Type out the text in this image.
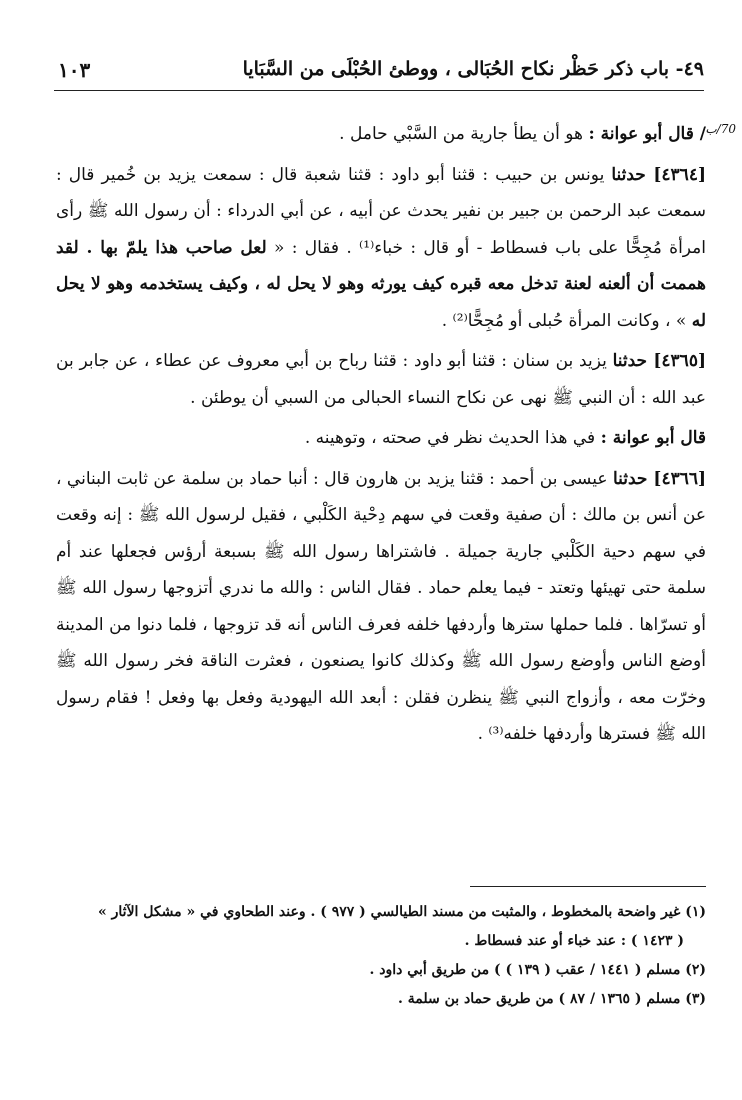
٤٩- باب ذكر حَظْر نكاح الحُبَالى ، ووطئ الحُبْلَى من السَّبَايا
١٠٣
70/ب

/ قال أبو عوانة : هو أن يطأ جارية من السَّبْي حامل .

[٤٣٦٤] حدثنا يونس بن حبيب : قثنا أبو داود : قثنا شعبة قال : سمعت يزيد بن خُمير قال : سمعت عبد الرحمن بن جبير بن نفير يحدث عن أبيه ، عن أبي الدرداء : أن رسول الله ﷺ رأى امرأة مُجِحًّا على باب فسطاط - أو قال : خباء⁽¹⁾ . فقال : « لعل صاحب هذا يلمّ بها . لقد هممت أن ألعنه لعنة تدخل معه قبره كيف يورثه وهو لا يحل له ، وكيف يستخدمه وهو لا يحل له » ، وكانت المرأة حُبلى أو مُجِحًّا⁽²⁾ .

[٤٣٦٥] حدثنا يزيد بن سنان : قثنا أبو داود : قثنا رباح بن أبي معروف عن عطاء ، عن جابر بن عبد الله : أن النبي ﷺ نهى عن نكاح النساء الحبالى من السبي أن يوطئن .

قال أبو عوانة : في هذا الحديث نظر في صحته ، وتوهينه .

[٤٣٦٦] حدثنا عيسى بن أحمد : قثنا يزيد بن هارون قال : أنبا حماد بن سلمة عن ثابت البناني ، عن أنس بن مالك : أن صفية وقعت في سهم دِحْية الكَلْبي ، فقيل لرسول الله ﷺ : إنه وقعت في سهم دحية الكَلْبي جارية جميلة . فاشتراها رسول الله ﷺ بسبعة أرؤس فجعلها عند أم سلمة حتى تهيئها وتعتد - فيما يعلم حماد . فقال الناس : والله ما ندري أتزوجها رسول الله ﷺ أو تسرّاها . فلما حملها سترها وأردفها خلفه فعرف الناس أنه قد تزوجها ، فلما دنوا من المدينة أوضع الناس وأوضع رسول الله ﷺ وكذلك كانوا يصنعون ، فعثرت الناقة فخر رسول الله ﷺ وخرّت معه ، وأزواج النبي ﷺ ينظرن فقلن : أبعد الله اليهودية وفعل بها وفعل ! فقام رسول الله ﷺ فسترها وأردفها خلفه⁽³⁾ .

(١) غير واضحة بالمخطوط ، والمثبت من مسند الطيالسي ( ٩٧٧ ) . وعند الطحاوي في « مشكل الآثار »

( ١٤٢٣ ) : عند خباء أو عند فسطاط .

(٢) مسلم ( ١٤٤١ / عقب ( ١٣٩ ) ) من طريق أبي داود .

(٣) مسلم ( ١٣٦٥ / ٨٧ ) من طريق حماد بن سلمة .
